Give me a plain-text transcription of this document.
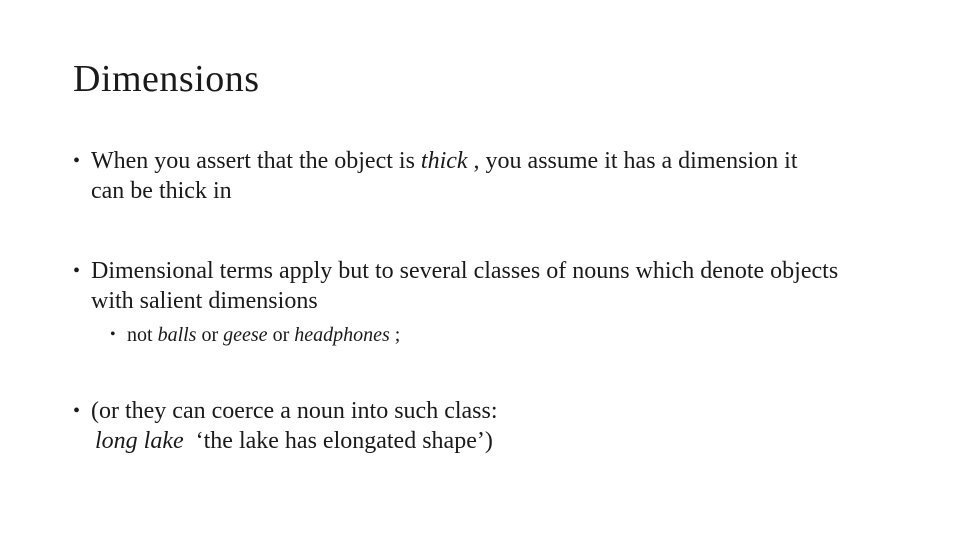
Dimensions
• When you assert that the object is thick , you assume it has a dimension it can be thick in
• Dimensional terms apply but to several classes of nouns which denote objects with salient dimensions
• not balls or geese or headphones ;
• (or they can coerce a noun into such class:
long lake ‘the lake has elongated shape’)
